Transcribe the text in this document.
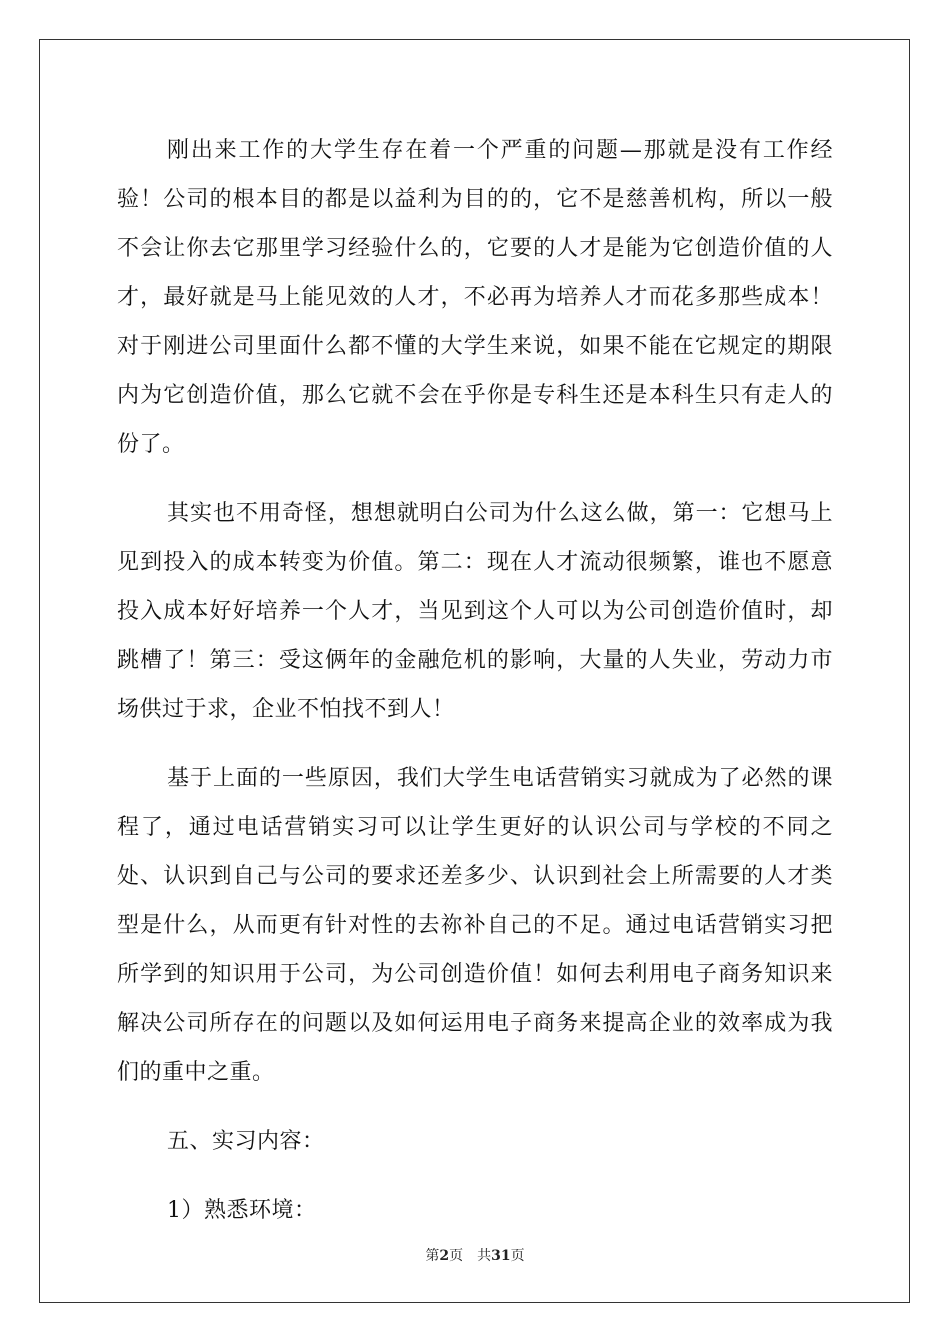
刚出来工作的大学生存在着一个严重的问题—那就是没有工作经验！公司的根本目的都是以益利为目的的，它不是慈善机构，所以一般不会让你去它那里学习经验什么的，它要的人才是能为它创造价值的人才，最好就是马上能见效的人才，不必再为培养人才而花多那些成本！对于刚进公司里面什么都不懂的大学生来说，如果不能在它规定的期限内为它创造价值，那么它就不会在乎你是专科生还是本科生只有走人的份了。

其实也不用奇怪，想想就明白公司为什么这么做，第一：它想马上见到投入的成本转变为价值。第二：现在人才流动很频繁，谁也不愿意投入成本好好培养一个人才，当见到这个人可以为公司创造价值时，却跳槽了！第三：受这俩年的金融危机的影响，大量的人失业，劳动力市场供过于求，企业不怕找不到人！

基于上面的一些原因，我们大学生电话营销实习就成为了必然的课程了，通过电话营销实习可以让学生更好的认识公司与学校的不同之处、认识到自己与公司的要求还差多少、认识到社会上所需要的人才类型是什么，从而更有针对性的去祢补自己的不足。通过电话营销实习把所学到的知识用于公司，为公司创造价值！如何去利用电子商务知识来解决公司所存在的问题以及如何运用电子商务来提高企业的效率成为我们的重中之重。

五、实习内容：

1）熟悉环境：

第2页 共31页
